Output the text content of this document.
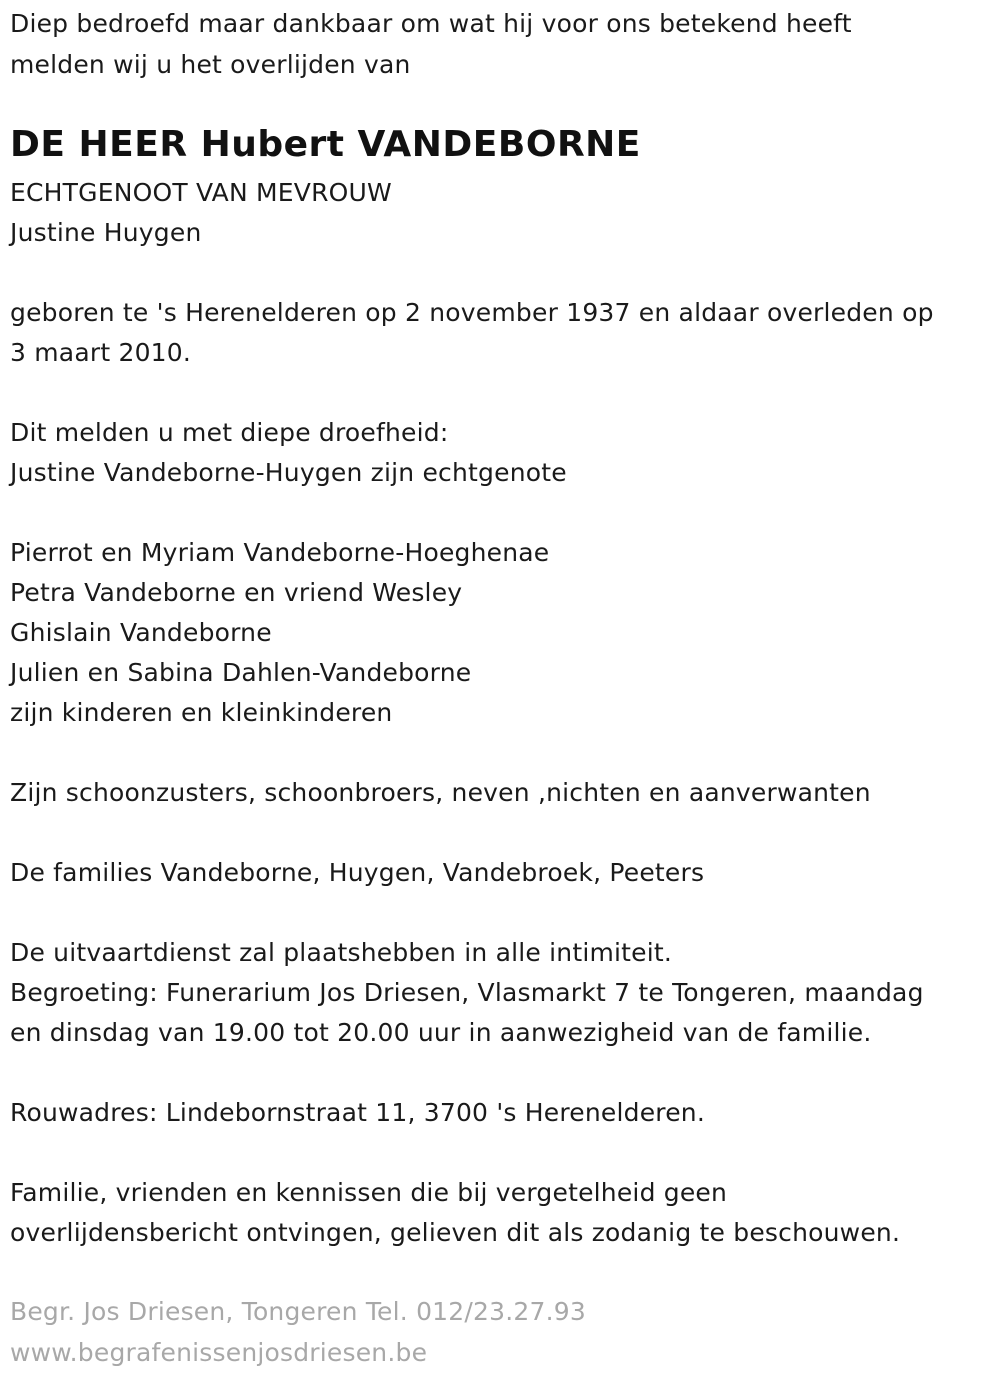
Diep bedroefd maar dankbaar om wat hij voor ons betekend heeft
melden wij u het overlijden van
DE HEER Hubert VANDEBORNE
ECHTGENOOT VAN MEVROUW
Justine Huygen
geboren te 's Herenelderen op 2 november 1937 en aldaar overleden op
3 maart 2010.
Dit melden u met diepe droefheid:
Justine Vandeborne-Huygen zijn echtgenote
Pierrot en Myriam Vandeborne-Hoeghenae
Petra Vandeborne en vriend Wesley
Ghislain Vandeborne
Julien en Sabina Dahlen-Vandeborne
zijn kinderen en kleinkinderen
Zijn schoonzusters, schoonbroers, neven ,nichten en aanverwanten
De families Vandeborne, Huygen, Vandebroek, Peeters
De uitvaartdienst zal plaatshebben in alle intimiteit.
Begroeting: Funerarium Jos Driesen, Vlasmarkt 7 te Tongeren, maandag
en dinsdag van 19.00 tot 20.00 uur in aanwezigheid van de familie.
Rouwadres: Lindebornstraat 11, 3700 's Herenelderen.
Familie, vrienden en kennissen die bij vergetelheid geen
overlijdensbericht ontvingen, gelieven dit als zodanig te beschouwen.
Begr. Jos Driesen, Tongeren Tel. 012/23.27.93
www.begrafenissenjosdriesen.be
